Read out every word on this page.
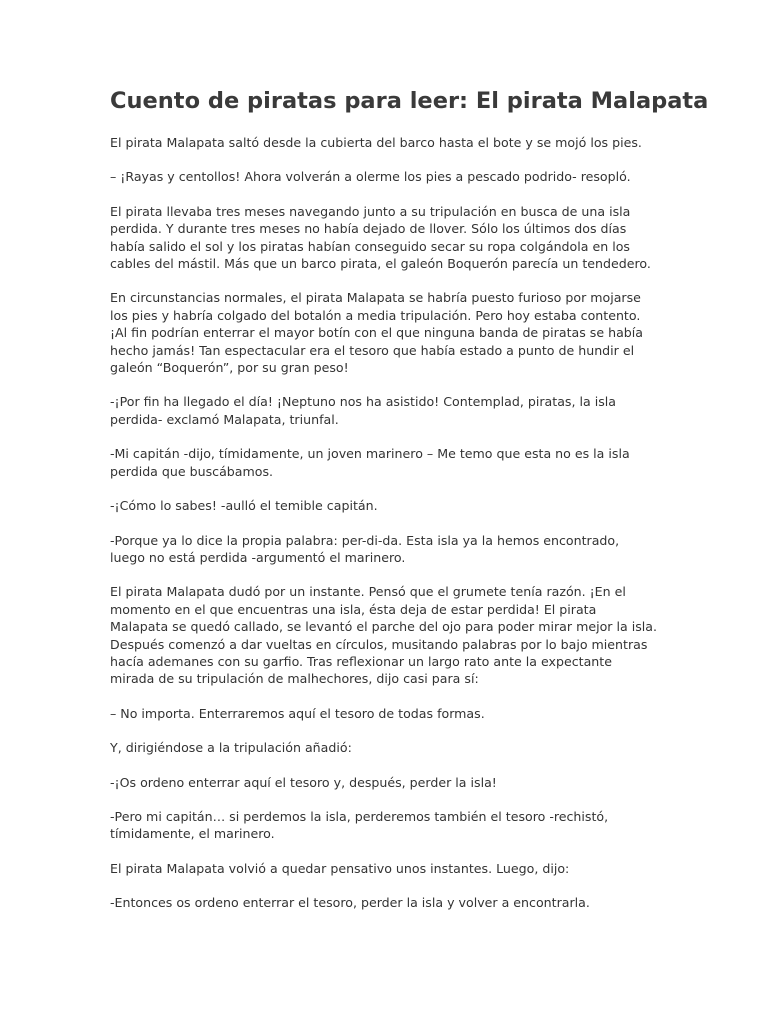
Cuento de piratas para leer: El pirata Malapata

El pirata Malapata saltó desde la cubierta del barco hasta el bote y se mojó los pies.

– ¡Rayas y centollos! Ahora volverán a olerme los pies a pescado podrido- resopló.

El pirata llevaba tres meses navegando junto a su tripulación en busca de una isla perdida. Y durante tres meses no había dejado de llover. Sólo los últimos dos días había salido el sol y los piratas habían conseguido secar su ropa colgándola en los cables del mástil. Más que un barco pirata, el galeón Boquerón parecía un tendedero.

En circunstancias normales, el pirata Malapata se habría puesto furioso por mojarse los pies y habría colgado del botalón a media tripulación. Pero hoy estaba contento. ¡Al fin podrían enterrar el mayor botín con el que ninguna banda de piratas se había hecho jamás! Tan espectacular era el tesoro que había estado a punto de hundir el galeón “Boquerón”, por su gran peso!

-¡Por fin ha llegado el día! ¡Neptuno nos ha asistido! Contemplad, piratas, la isla perdida- exclamó Malapata, triunfal.

-Mi capitán -dijo, tímidamente, un joven marinero – Me temo que esta no es la isla perdida que buscábamos.

-¡Cómo lo sabes! -aulló el temible capitán.

-Porque ya lo dice la propia palabra: per-di-da. Esta isla ya la hemos encontrado, luego no está perdida -argumentó el marinero.

El pirata Malapata dudó por un instante. Pensó que el grumete tenía razón. ¡En el momento en el que encuentras una isla, ésta deja de estar perdida! El pirata Malapata se quedó callado, se levantó el parche del ojo para poder mirar mejor la isla. Después comenzó a dar vueltas en círculos, musitando palabras por lo bajo mientras hacía ademanes con su garfio. Tras reflexionar un largo rato ante la expectante mirada de su tripulación de malhechores, dijo casi para sí:

– No importa. Enterraremos aquí el tesoro de todas formas.

Y, dirigiéndose a la tripulación añadió:

-¡Os ordeno enterrar aquí el tesoro y, después, perder la isla!

-Pero mi capitán… si perdemos la isla, perderemos también el tesoro -rechistó, tímidamente, el marinero.

El pirata Malapata volvió a quedar pensativo unos instantes. Luego, dijo:

-Entonces os ordeno enterrar el tesoro, perder la isla y volver a encontrarla.
